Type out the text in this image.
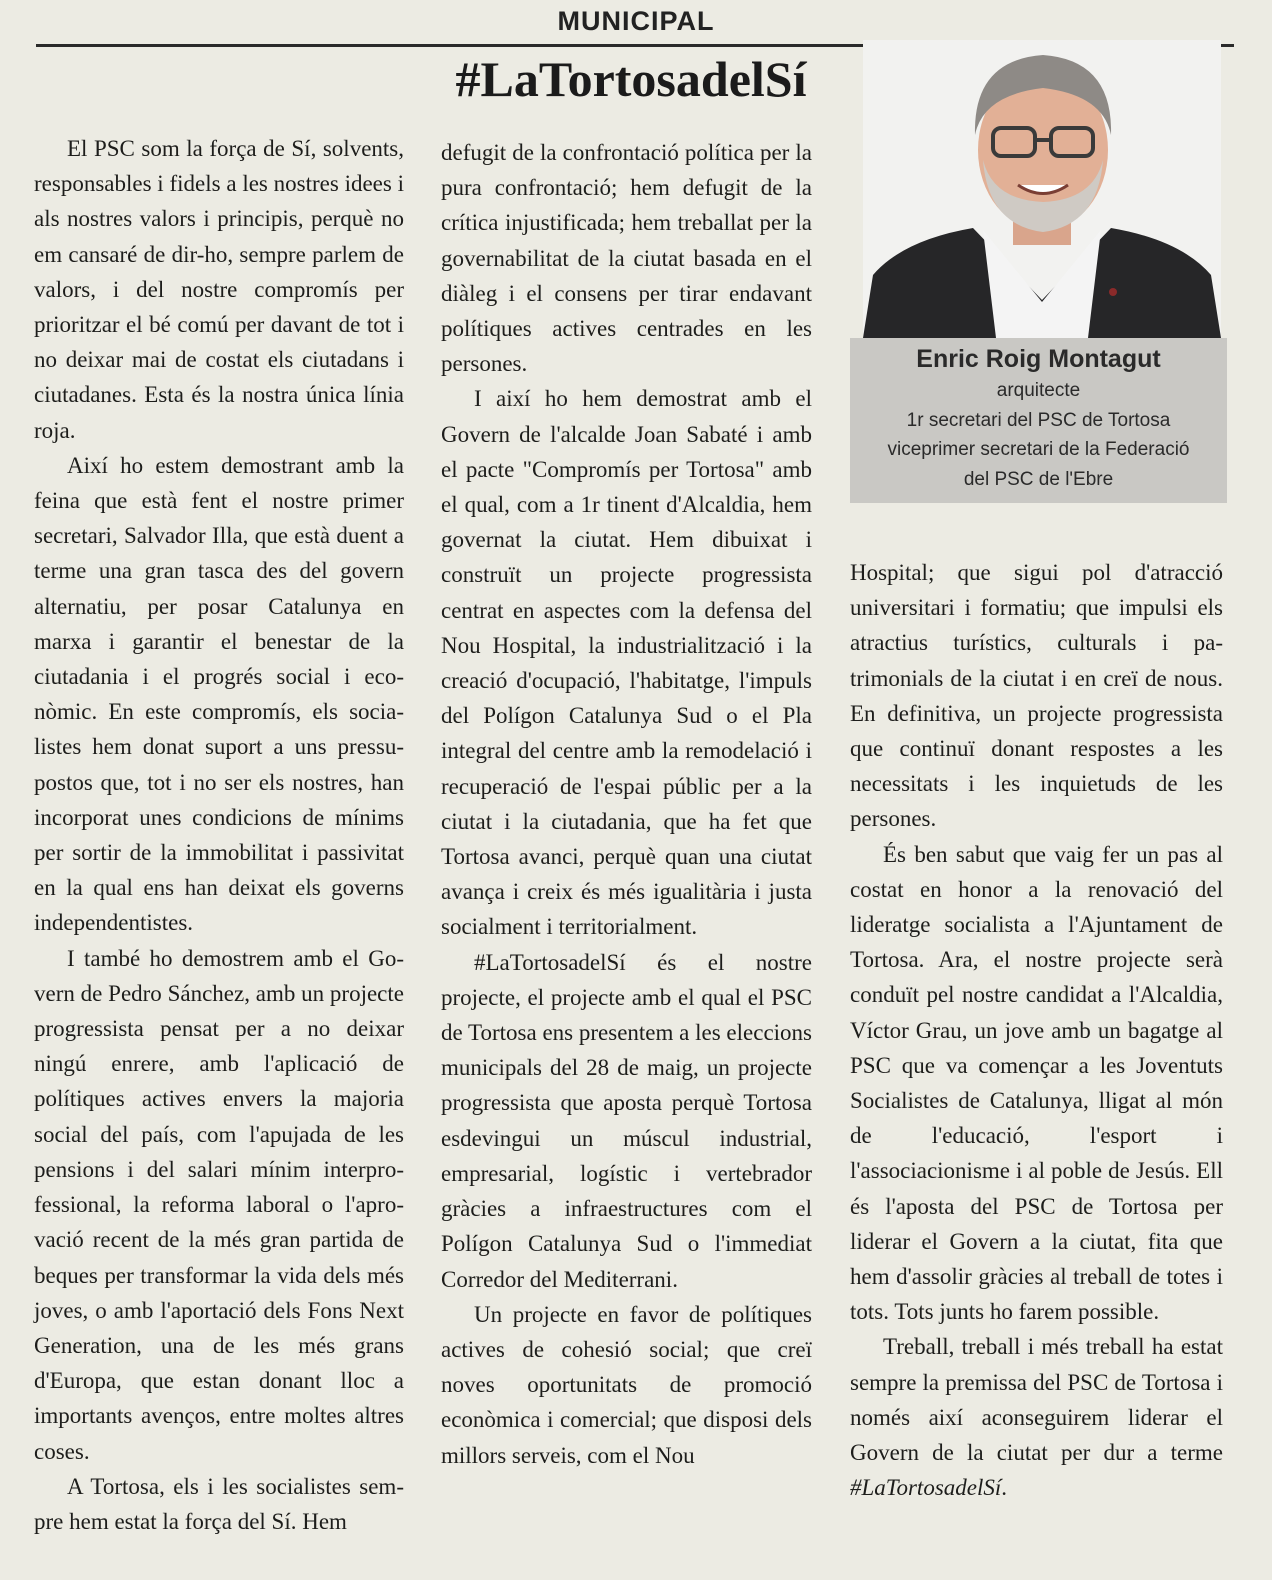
MUNICIPAL
#LaTortosadelSí

El PSC som la força de Sí, solvents, responsables i fidels a les nostres idees i als nostres valors i principis, perquè no em cansaré de dir-ho, sempre parlem de valors, i del nostre compromís per prioritzar el bé comú per davant de tot i no deixar mai de costat els ciutadans i ciutadanes. Esta és la nostra única línia roja.

Així ho estem demostrant amb la feina que està fent el nostre primer secretari, Salvador Illa, que està duent a terme una gran tasca des del govern alternatiu, per posar Catalunya en marxa i garantir el benestar de la ciutadania i el progrés social i econòmic. En este compromís, els socialistes hem donat suport a uns pressupostos que, tot i no ser els nostres, han incorporat unes condicions de mínims per sortir de la immobilitat i passivitat en la qual ens han deixat els governs independentistes.

I també ho demostrem amb el Govern de Pedro Sánchez, amb un projecte progressista pensat per a no deixar ningú enrere, amb l'aplicació de polítiques actives envers la majoria social del país, com l'apujada de les pensions i del salari mínim interprofessional, la reforma laboral o l'aprovació recent de la més gran partida de beques per transformar la vida dels més joves, o amb l'aportació dels Fons Next Generation, una de les més grans d'Europa, que estan donant lloc a importants avenços, entre moltes altres coses.

A Tortosa, els i les socialistes sempre hem estat la força del Sí. Hem

defugit de la confrontació política per la pura confrontació; hem defugit de la crítica injustificada; hem treballat per la governabilitat de la ciutat basada en el diàleg i el consens per tirar endavant polítiques actives centrades en les persones.

I així ho hem demostrat amb el Govern de l'alcalde Joan Sabaté i amb el pacte "Compromís per Tortosa" amb el qual, com a 1r tinent d'Alcaldia, hem governat la ciutat. Hem dibuixat i construït un projecte progressista centrat en aspectes com la defensa del Nou Hospital, la industrialització i la creació d'ocupació, l'habitatge, l'impuls del Polígon Catalunya Sud o el Pla integral del centre amb la remodelació i recuperació de l'espai públic per a la ciutat i la ciutadania, que ha fet que Tortosa avanci, perquè quan una ciutat avança i creix és més igualitària i justa socialment i territorialment.

#LaTortosadelSí és el nostre projecte, el projecte amb el qual el PSC de Tortosa ens presentem a les eleccions municipals del 28 de maig, un projecte progressista que aposta perquè Tortosa esdevingui un múscul industrial, empresarial, logístic i vertebrador gràcies a infraestructures com el Polígon Catalunya Sud o l'immediat Corredor del Mediterrani.

Un projecte en favor de polítiques actives de cohesió social; que creï noves oportunitats de promoció econòmica i comercial; que disposi dels millors serveis, com el Nou

Enric Roig Montagut
arquitecte
1r secretari del PSC de Tortosa
viceprimer secretari de la Federació
del PSC de l'Ebre

Hospital; que sigui pol d'atracció universitari i formatiu; que impulsi els atractius turístics, culturals i patrimonials de la ciutat i en creï de nous. En definitiva, un projecte progressista que continuï donant respostes a les necessitats i les inquietuds de les persones.

És ben sabut que vaig fer un pas al costat en honor a la renovació del lideratge socialista a l'Ajuntament de Tortosa. Ara, el nostre projecte serà conduït pel nostre candidat a l'Alcaldia, Víctor Grau, un jove amb un bagatge al PSC que va començar a les Joventuts Socialistes de Catalunya, lligat al món de l'educació, l'esport i l'associacionisme i al poble de Jesús. Ell és l'aposta del PSC de Tortosa per liderar el Govern a la ciutat, fita que hem d'assolir gràcies al treball de totes i tots. Tots junts ho farem possible.

Treball, treball i més treball ha estat sempre la premissa del PSC de Tortosa i només així aconseguirem liderar el Govern de la ciutat per dur a terme #LaTortosadelSí.
